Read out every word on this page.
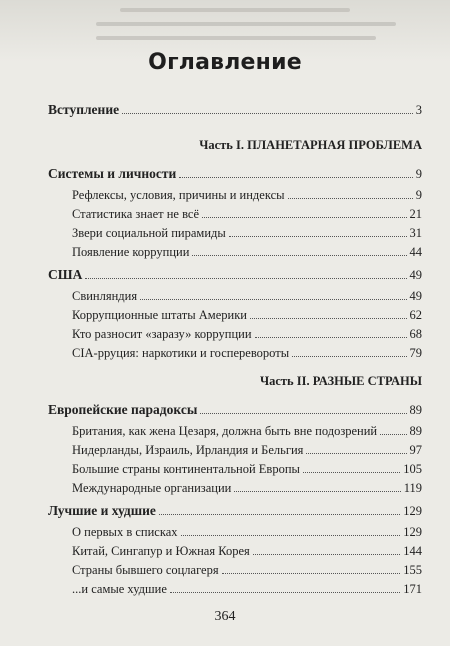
Оглавление
Вступление	3
Часть I. ПЛАНЕТАРНАЯ ПРОБЛЕМА
Системы и личности	9
Рефлексы, условия, причины и индексы	9
Статистика знает не всё	21
Звери социальной пирамиды	31
Появление коррупции	44
США	49
Свинляндия	49
Коррупционные штаты Америки	62
Кто разносит «заразу» коррупции	68
CIA-рруция: наркотики и госперевороты	79
Часть II. РАЗНЫЕ СТРАНЫ
Европейские парадоксы	89
Британия, как жена Цезаря, должна быть вне подозрений	89
Нидерланды, Израиль, Ирландия и Бельгия	97
Большие страны континентальной Европы	105
Международные организации	119
Лучшие и худшие	129
О первых в списках	129
Китай, Сингапур и Южная Корея	144
Страны бывшего соцлагеря	155
...и самые худшие	171
364
